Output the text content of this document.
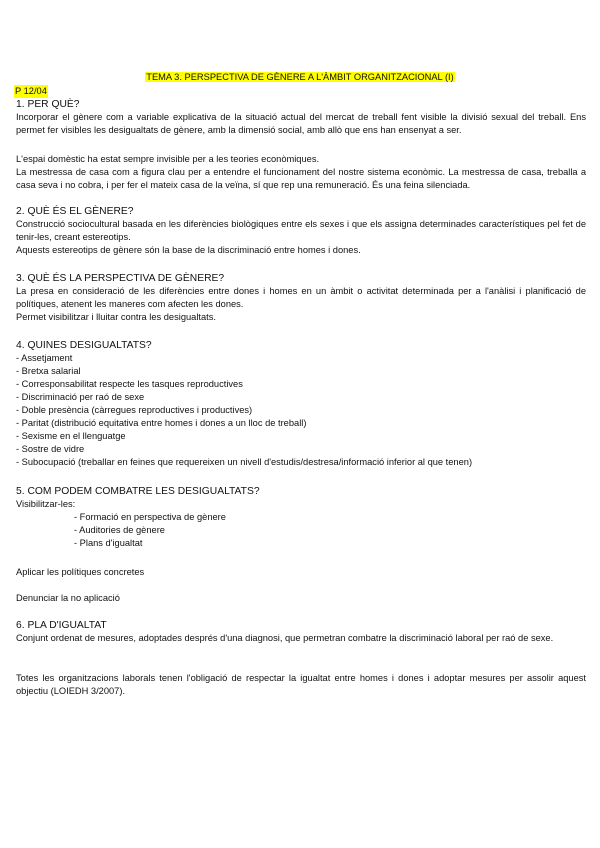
TEMA 3. PERSPECTIVA DE GÈNERE A L'ÀMBIT ORGANITZACIONAL (I)
P 12/04
1. PER QUÈ?

Incorporar el gènere com a variable explicativa de la situació actual del mercat de treball fent visible la divisió sexual del treball. Ens permet fer visibles les desigualtats de gènere, amb la dimensió social, amb allò que ens han ensenyat a ser.

L'espai domèstic ha estat sempre invisible per a les teories econòmiques.

La mestressa de casa com a figura clau per a entendre el funcionament del nostre sistema econòmic. La mestressa de casa, treballa a casa seva i no cobra, i per fer el mateix casa de la veïna, sí que rep una remuneració. És una feina silenciada.

2. QUÈ ÉS EL GÈNERE?

Construcció sociocultural basada en les diferències biològiques entre els sexes i que els assigna determinades característiques pel fet de tenir-les, creant estereotips.

Aquests estereotips de gènere són la base de la discriminació entre homes i dones.

3. QUÈ ÉS LA PERSPECTIVA DE GÈNERE?

La presa en consideració de les diferències entre dones i homes en un àmbit o activitat determinada per a l'anàlisi i planificació de polítiques, atenent les maneres com afecten les dones.

Permet visibilitzar i lluitar contra les desigualtats.

4. QUINES DESIGUALTATS?
- Assetjament
- Bretxa salarial
- Corresponsabilitat respecte les tasques reproductives
- Discriminació per raó de sexe
- Doble presència (càrregues reproductives i productives)
- Paritat (distribució equitativa entre homes i dones a un lloc de treball)
- Sexisme en el llenguatge
- Sostre de vidre
- Subocupació (treballar en feines que requereixen un nivell d'estudis/destresa/informació inferior al que tenen)
5. COM PODEM COMBATRE LES DESIGUALTATS?
Visibilitzar-les:
- Formació en perspectiva de gènere
- Auditories de gènere
- Plans d'igualtat
Aplicar les polítiques concretes
Denunciar la no aplicació
6. PLA D'IGUALTAT

Conjunt ordenat de mesures, adoptades després d'una diagnosi, que permetran combatre la discriminació laboral per raó de sexe.

Totes les organitzacions laborals tenen l'obligació de respectar la igualtat entre homes i dones i adoptar mesures per assolir aquest objectiu (LOIEDH 3/2007).
